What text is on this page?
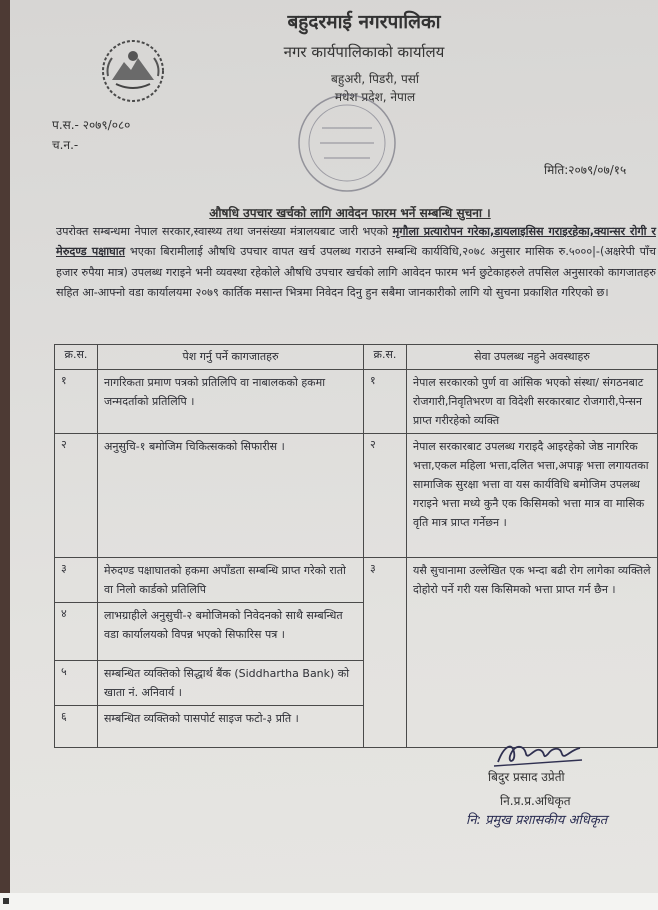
बहुदरमाई नगरपालिका
नगर कार्यपालिकाको कार्यालय
बहुअरी, पिडरी, पर्सा
मधेश प्रदेश, नेपाल
प.स.- २०७९/०८०
च.न.-
मिति:२०७९/०७/१५
औषधि उपचार खर्चको लागि आवेदन फारम भर्ने सम्बन्धि सुचना ।
उपरोक्त सम्बन्धमा नेपाल सरकार,स्वास्थ्य तथा जनसंख्या मंत्रालयबाट जारी भएको मृगौला प्रत्यारोपन गरेका,डायलाइसिस गराइरहेका,क्यान्सर रोगी र मेरुदण्ड पक्षाघात भएका बिरामीलाई औषधि उपचार वापत खर्च उपलब्ध गराउने सम्बन्धि कार्यविधि,२०७८ अनुसार मासिक रु.५०००|-(अक्षरेपी पाँच हजार रुपैया मात्र) उपलब्ध गराइने भनी व्यवस्था रहेकोले औषधि उपचार खर्चको लागि आवेदन फारम भर्न छुटेकाहरुले तपसिल अनुसारको कागजातहरु सहित आ-आफ्नो वडा कार्यालयमा २०७९ कार्तिक मसान्त भित्रमा निवेदन दिनु हुन सबैमा जानकारीको लागि यो सुचना प्रकाशित गरिएको छ।
क्र.स.	पेश गर्नु पर्ने कागजातहरु	क्र.स.	सेवा उपलब्ध नहुने अवस्थाहरु
१	नागरिकता प्रमाण पत्रको प्रतिलिपि वा नाबालकको हकमा जन्मदर्ताको प्रतिलिपि ।	१	नेपाल सरकारको पुर्ण वा आंसिक भएको संस्था/ संगठनबाट रोजगारी,निवृतिभरण वा विदेशी सरकारबाट रोजगारी,पेन्सन प्राप्त गरीरहेको व्यक्ति
२	अनुसुचि-१ बमोजिम चिकित्सकको सिफारीस ।	२	नेपाल सरकारबाट उपलब्ध गराइदै आइरहेको जेष्ठ नागरिक भत्ता,एकल महिला भत्ता,दलित भत्ता,अपाङ्ग भत्ता लगायतका सामाजिक सुरक्षा भत्ता वा यस कार्यविधि बमोजिम उपलब्ध गराइने भत्ता मध्ये कुनै एक किसिमको भत्ता मात्र वा मासिक वृति मात्र प्राप्त गर्नेछन ।
३	मेरुदण्ड पक्षाघातको हकमा अपाँडता सम्बन्धि प्राप्त गरेको रातो वा निलो कार्डको प्रतिलिपि	३	यसै सुचानामा उल्लेखित एक भन्दा बढी रोग लागेका व्यक्तिले दोहोरो पर्ने गरी यस किसिमको भत्ता प्राप्त गर्न छैन ।
४	लाभग्राहीले अनुसुची-२ बमोजिमको निवेदनको साथै सम्बन्धित वडा कार्यालयको विपन्न भएको सिफारिस पत्र ।		
५	सम्बन्धित व्यक्तिको सिद्धार्थ बैंक (Siddhartha Bank) को खाता नं. अनिवार्य ।		
६	सम्बन्धित व्यक्तिको पासपोर्ट साइज फटो-३ प्रति ।		
बिदुर प्रसाद उप्रेती
नि.प्र.प्र.अधिकृत
नि: प्रमुख प्रशासकीय अधिकृत
